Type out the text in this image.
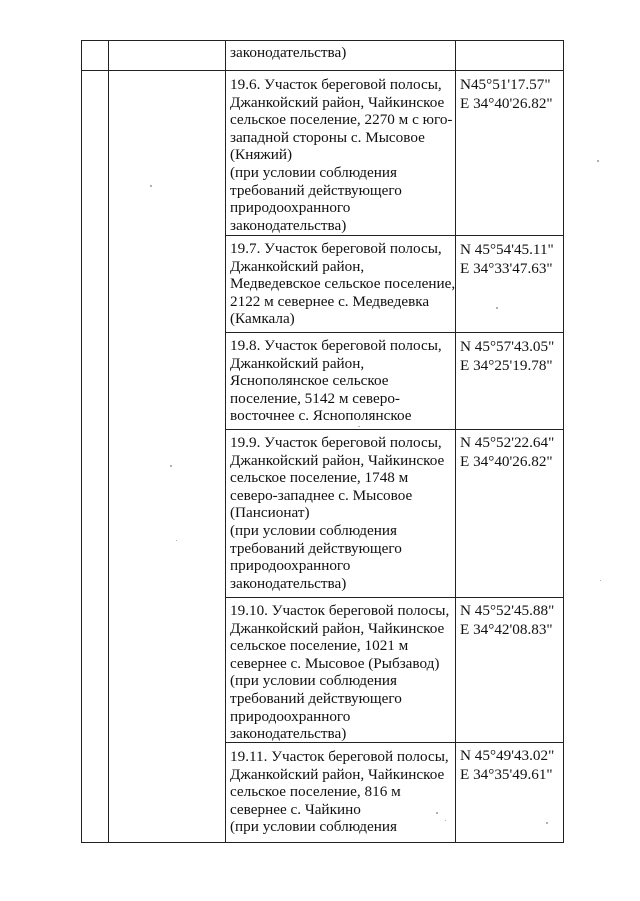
законодательства)
19.6. Участок береговой полосы,
Джанкойский район, Чайкинское
сельское поселение, 2270 м с юго-
западной стороны с. Мысовое
(Княжий)
(при условии соблюдения
требований действующего
природоохранного
законодательства)
N45°51'17.57"
E 34°40'26.82"
19.7. Участок береговой полосы,
Джанкойский район,
Медведевское сельское поселение,
2122 м севернее с. Медведевка
(Камкала)
N 45°54'45.11"
E 34°33'47.63"
19.8. Участок береговой полосы,
Джанкойский район,
Яснополянское сельское
поселение, 5142 м северо-
восточнее с. Яснополянское
N 45°57'43.05"
E 34°25'19.78"
19.9. Участок береговой полосы,
Джанкойский район, Чайкинское
сельское поселение, 1748 м
северо-западнее с. Мысовое
(Пансионат)
(при условии соблюдения
требований действующего
природоохранного
законодательства)
N 45°52'22.64"
E 34°40'26.82"
19.10. Участок береговой полосы,
Джанкойский район, Чайкинское
сельское поселение, 1021 м
севернее с. Мысовое (Рыбзавод)
(при условии соблюдения
требований действующего
природоохранного
законодательства)
N 45°52'45.88"
E 34°42'08.83"
19.11. Участок береговой полосы,
Джанкойский район, Чайкинское
сельское поселение, 816 м
севернее с. Чайкино
(при условии соблюдения
N 45°49'43.02"
E 34°35'49.61"
